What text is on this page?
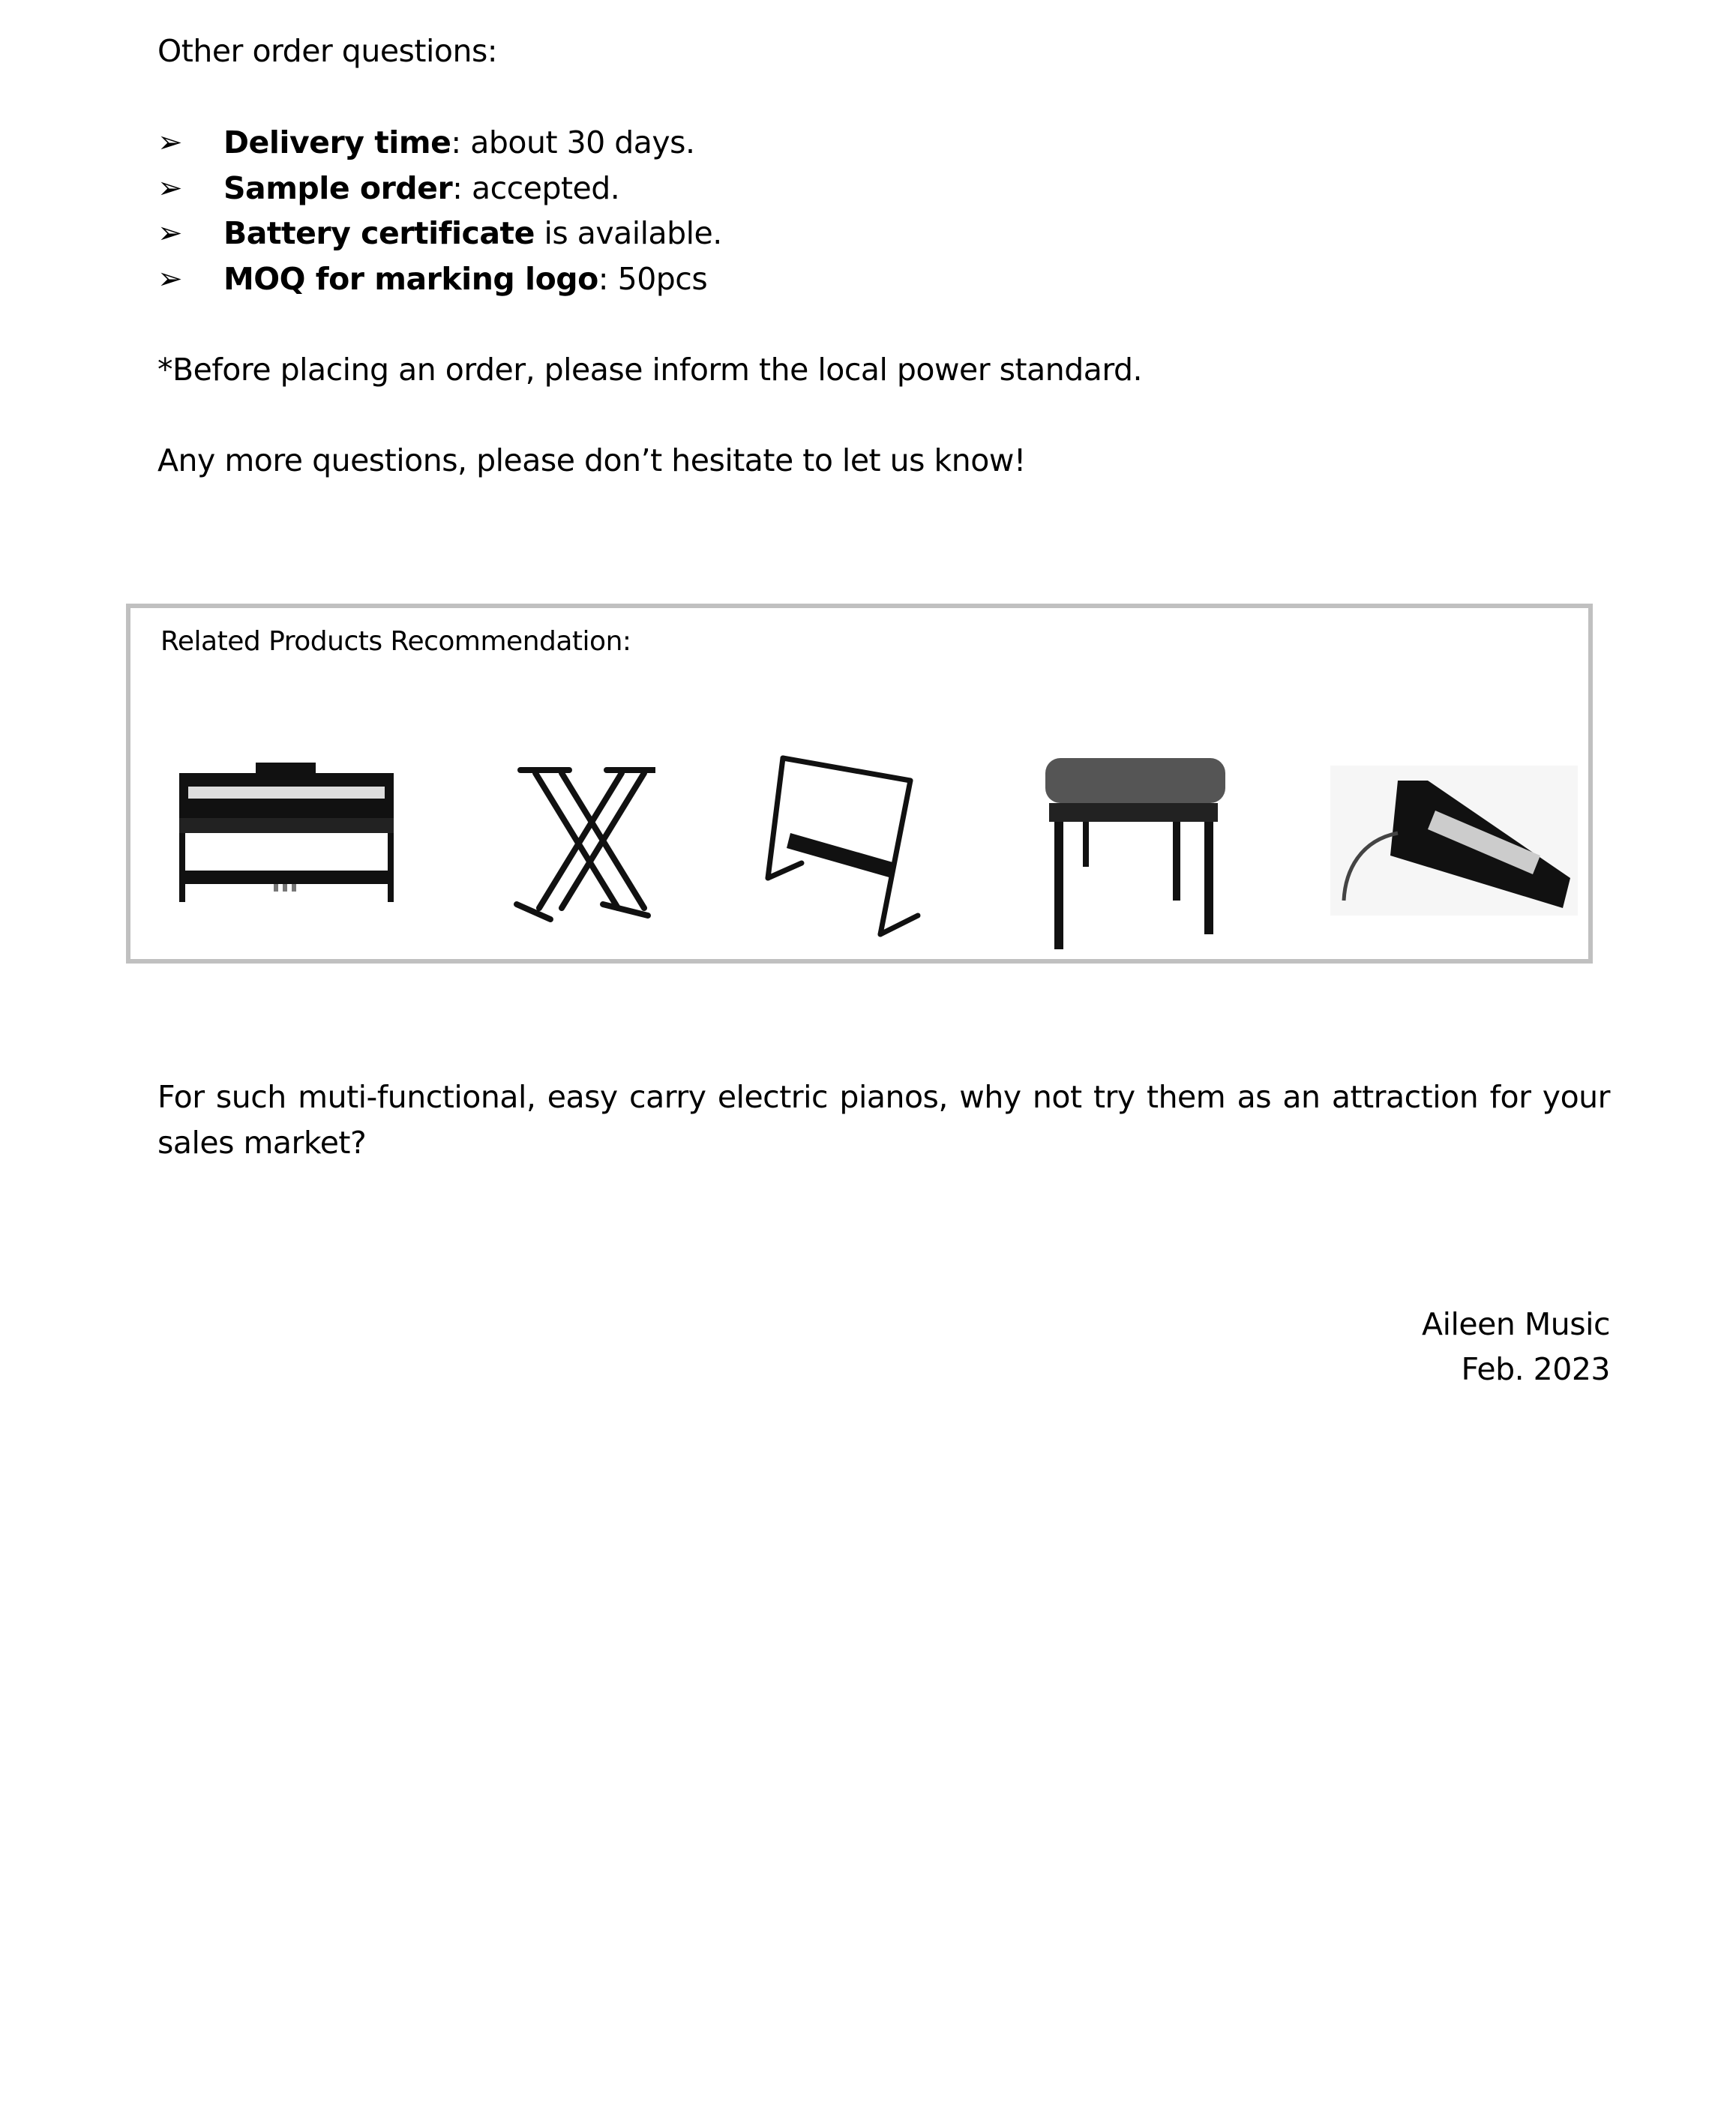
Other order questions:
➢ Delivery time: about 30 days.
➢ Sample order: accepted.
➢ Battery certificate is available.
➢ MOQ for marking logo: 50pcs
*Before placing an order, please inform the local power standard.
Any more questions, please don’t hesitate to let us know!
Related Products Recommendation:
For such muti-functional, easy carry electric pianos, why not try them as an attraction for your sales market?
Aileen Music
Feb. 2023
